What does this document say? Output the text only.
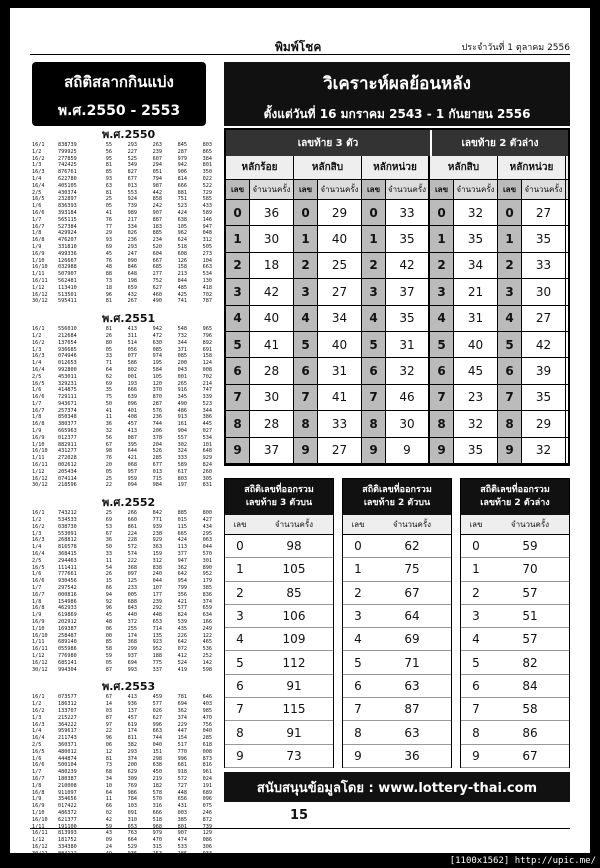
พิมพ์โชค	ประจำวันที่ 1 ตุลาคม 2556
สถิติสลากกินแบ่ง
พ.ศ.2550 - 2553
พ.ศ.2550
16/1	838739	55	293	263	845	803
1/2	799925	56	227	239	287	865
16/2	277859	95	525	607	979	384
1/3	742425	81	349	294	942	801
16/3	876761	85	827	051	906	350
1/4	622780	93	677	794	814	022
16/4	405105	63	013	987	666	522
2/5	430374	81	553	442	881	729
16/5	232897	25	924	858	751	585
1/6	836393	05	739	242	523	433
16/6	393184	41	989	907	424	589
1/7	565115	76	217	887	638	146
16/7	527384	77	334	183	105	947
1/8	429924	29	026	885	962	048
16/8	476207	93	236	234	624	312
1/9	331810	69	293	520	518	505
16/9	499336	45	247	604	608	273
1/10	126667	76	090	667	126	104
16/10	032988	48	846	685	158	663
1/11	507907	88	648	277	213	534
16/11	562481	73	198	752	844	130
1/12	113410	18	659	627	485	418
16/12	513501	96	432	460	425	702
30/12	595411	81	267	490	741	787
พ.ศ.2551
16/1	556010	81	413	942	548	965
1/2	212684	26	311	472	732	796
16/2	137054	80	514	630	344	892
1/3	936685	05	056	085	371	691
16/3	074946	33	077	974	085	158
1/4	012653	71	586	195	200	124
16/4	992800	64	802	584	043	008
2/5	453011	62	001	105	001	702
16/5	329231	69	193	120	265	214
1/6	414875	35	666	370	916	747
16/6	729111	75	639	870	345	339
1/7	943671	50	096	287	490	523
16/7	257374	41	401	576	486	344
1/8	850348	11	408	236	913	386
16/8	380377	36	457	744	161	445
1/9	665963	32	413	206	904	027
16/9	012377	56	087	378	557	534
1/10	882911	67	395	204	302	101
16/10	431277	98	644	526	324	648
1/11	272028	76	421	285	333	929
16/11	002612	20	068	677	589	824
1/12	205434	05	957	013	617	260
16/12	074114	25	959	715	803	305
30/12	218596	22	094	984	197	831
พ.ศ.2552
16/1	743212	25	266	842	885	800
1/2	534533	69	660	771	015	427
16/2	038730	53	861	939	115	434
1/3	553091	67	224	238	665	295
16/3	268812	36	228	929	424	063
1/4	816578	50	572	363	113	044
16/4	368415	33	574	159	377	570
2/5	294463	11	222	312	947	301
16/5	111411	54	368	838	362	890
1/6	777661	26	097	240	642	952
16/6	930456	15	125	044	954	179
1/7	297542	66	233	107	799	385
16/7	000816	94	005	177	356	836
1/8	154986	92	688	239	421	374
16/8	462933	96	843	292	577	659
1/9	619869	45	440	448	824	634
16/9	202912	48	372	653	539	166
1/10	169387	06	255	714	435	249
16/10	258487	00	174	135	226	122
1/11	689140	85	368	923	642	465
16/11	055986	58	299	952	072	536
1/12	776980	59	937	188	412	252
16/12	685141	05	694	775	524	142
30/12	994304	87	993	337	419	598
พ.ศ.2553
16/1	073577	67	413	459	781	646
1/2	186312	14	936	577	694	403
16/2	133707	03	137	026	362	985
1/3	215227	87	457	627	374	470
16/3	364222	97	619	996	229	756
1/4	959617	22	174	663	447	040
16/4	211743	96	811	744	154	285
2/5	360371	06	382	040	517	618
16/5	480012	12	293	151	770	008
1/6	444874	81	374	298	996	873
16/6	500104	73	200	638	681	816
1/7	480239	68	629	450	918	961
16/7	180387	34	309	219	572	024
1/8	210008	10	769	182	727	191
16/8	911097	64	986	578	448	689
1/9	354656	11	784	570	656	096
16/9	017422	66	103	316	431	075
1/10	486372	02	091	666	003	246
16/10	621377	42	310	518	385	872
1/11	191100	59	653	968	801	739
16/11	813993	43	763	979	907	129
1/12	181752	09	664	470	474	086
16/12	334380	24	529	315	533	306
30/12	884112	49	936	153	186	933
วิเคราะห์ผลย้อนหลัง
ตั้งแต่วันที่ 16 มกราคม 2543 - 1 กันยายน 2556
เลขท้าย 3 ตัว	เลขท้าย 2 ตัวล่าง
หลักร้อย	หลักสิบ	หลักหน่วย	หลักสิบ	หลักหน่วย
เลข	จำนวนครั้ง	เลข	จำนวนครั้ง	เลข จำนวนครั้ง	เลข	จำนวนครั้ง	เลข	จำนวนครั้ง
0	36	0	29	0	33	0	32	0	27
1	30	1	40	1	35	1	35	1	35
2	18	2	25	2	42	2	34	2	33
3	42	3	27	3	37	3	21	3	30
4	40	4	34	4	35	4	31	4	27
5	41	5	40	5	31	5	40	5	42
6	28	6	31	6	32	6	45	6	39
7	30	7	41	7	46	7	23	7	35
8	28	8	33	8	30	8	32	8	29
9	37	9	27	9	9	9	35	9	32
สถิติเลขที่ออกรวม
เลขท้าย 3 ตัวบน
เลข	จำนวนครั้ง
0	98
1	105
2	85
3	106
4	109
5	112
6	91
7	115
8	91
9	73
สถิติเลขที่ออกรวม
เลขท้าย 2 ตัวบน
เลข	จำนวนครั้ง
0	62
1	75
2	67
3	64
4	69
5	71
6	63
7	87
8	63
9	36
สถิติเลขที่ออกรวม
เลขท้าย 2 ตัวล่าง
เลข	จำนวนครั้ง
0	59
1	70
2	57
3	51
4	57
5	82
6	84
7	58
8	86
9	67
สนับสนุนข้อมูลโดย : www.lottery-thai.com
15
[1100x1562] http://upic.me/
